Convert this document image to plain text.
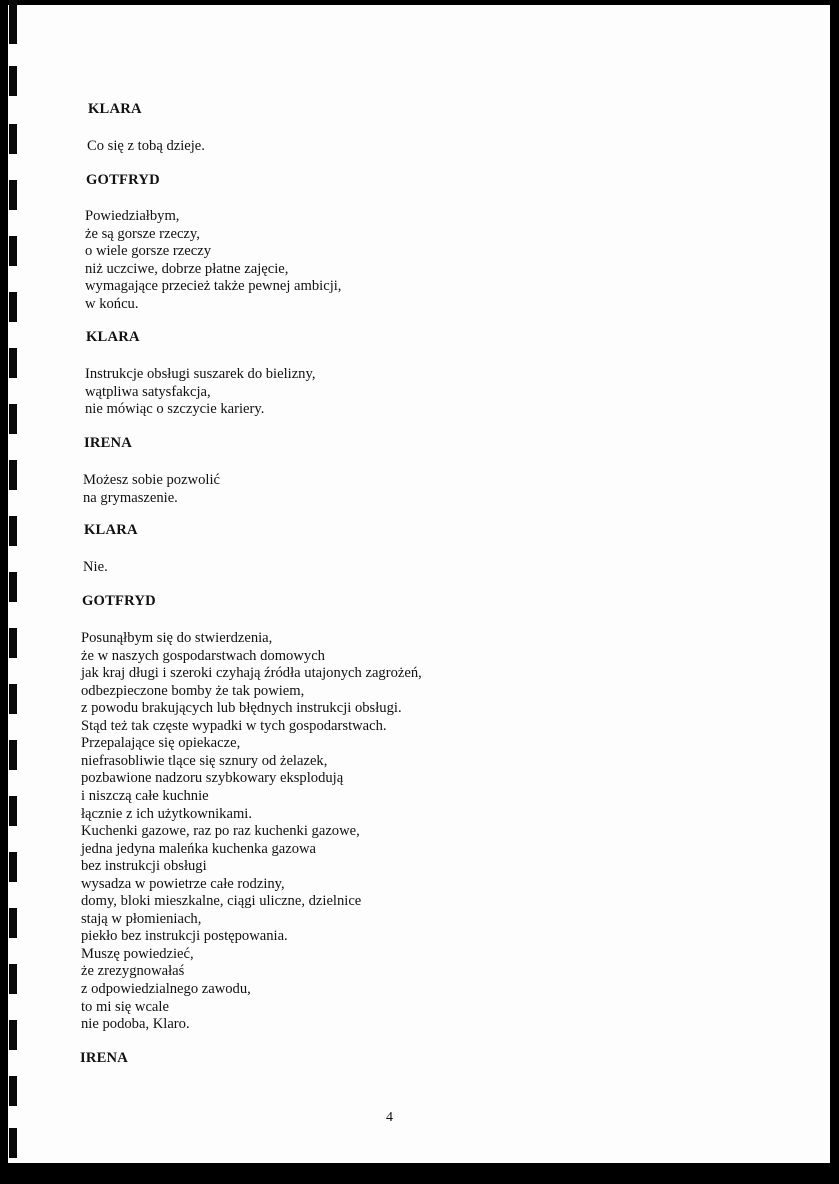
KLARA
Co się z tobą dzieje.
GOTFRYD
Powiedziałbym,
że są gorsze rzeczy,
o wiele gorsze rzeczy
niż uczciwe, dobrze płatne zajęcie,
wymagające przecież także pewnej ambicji,
w końcu.
KLARA
Instrukcje obsługi suszarek do bielizny,
wątpliwa satysfakcja,
nie mówiąc o szczycie kariery.
IRENA
Możesz sobie pozwolić
na grymaszenie.
KLARA
Nie.
GOTFRYD
Posunąłbym się do stwierdzenia,
że w naszych gospodarstwach domowych
jak kraj długi i szeroki czyhają źródła utajonych zagrożeń,
odbezpieczone bomby że tak powiem,
z powodu brakujących lub błędnych instrukcji obsługi.
Stąd też tak częste wypadki w tych gospodarstwach.
Przepalające się opiekacze,
niefrasobliwie tlące się sznury od żelazek,
pozbawione nadzoru szybkowary eksplodują
i niszczą całe kuchnie
łącznie z ich użytkownikami.
Kuchenki gazowe, raz po raz kuchenki gazowe,
jedna jedyna maleńka kuchenka gazowa
bez instrukcji obsługi
wysadza w powietrze całe rodziny,
domy, bloki mieszkalne, ciągi uliczne, dzielnice
stają w płomieniach,
piekło bez instrukcji postępowania.
Muszę powiedzieć,
że zrezygnowałaś
z odpowiedzialnego zawodu,
to mi się wcale
nie podoba, Klaro.
IRENA
4
